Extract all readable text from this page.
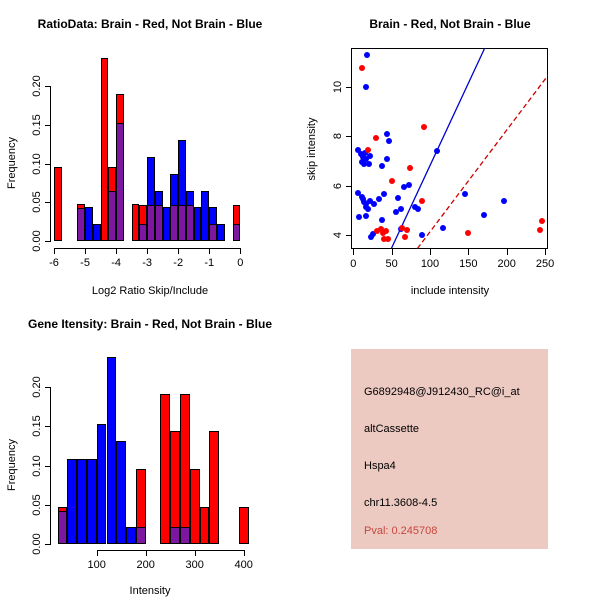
RatioData: Brain - Red, Not Brain - Blue
Frequency
Log2 Ratio Skip/Include
-6	-5	-4	-3	-2	-1	0
0.00
0.05
0.10
0.15
0.20
Brain - Red, Not Brain - Blue
skip intensity
include intensity
0	50	100	150	200	250
4
6
8
10
Gene Itensity: Brain - Red, Not Brain - Blue
Frequency
Intensity
100	200	300	400
0.00
0.05
0.10
0.15
0.20	G6892948@J912430_RC@i_at
altCassette
Hspa4
chr11.3608-4.5
Pval: 0.245708
